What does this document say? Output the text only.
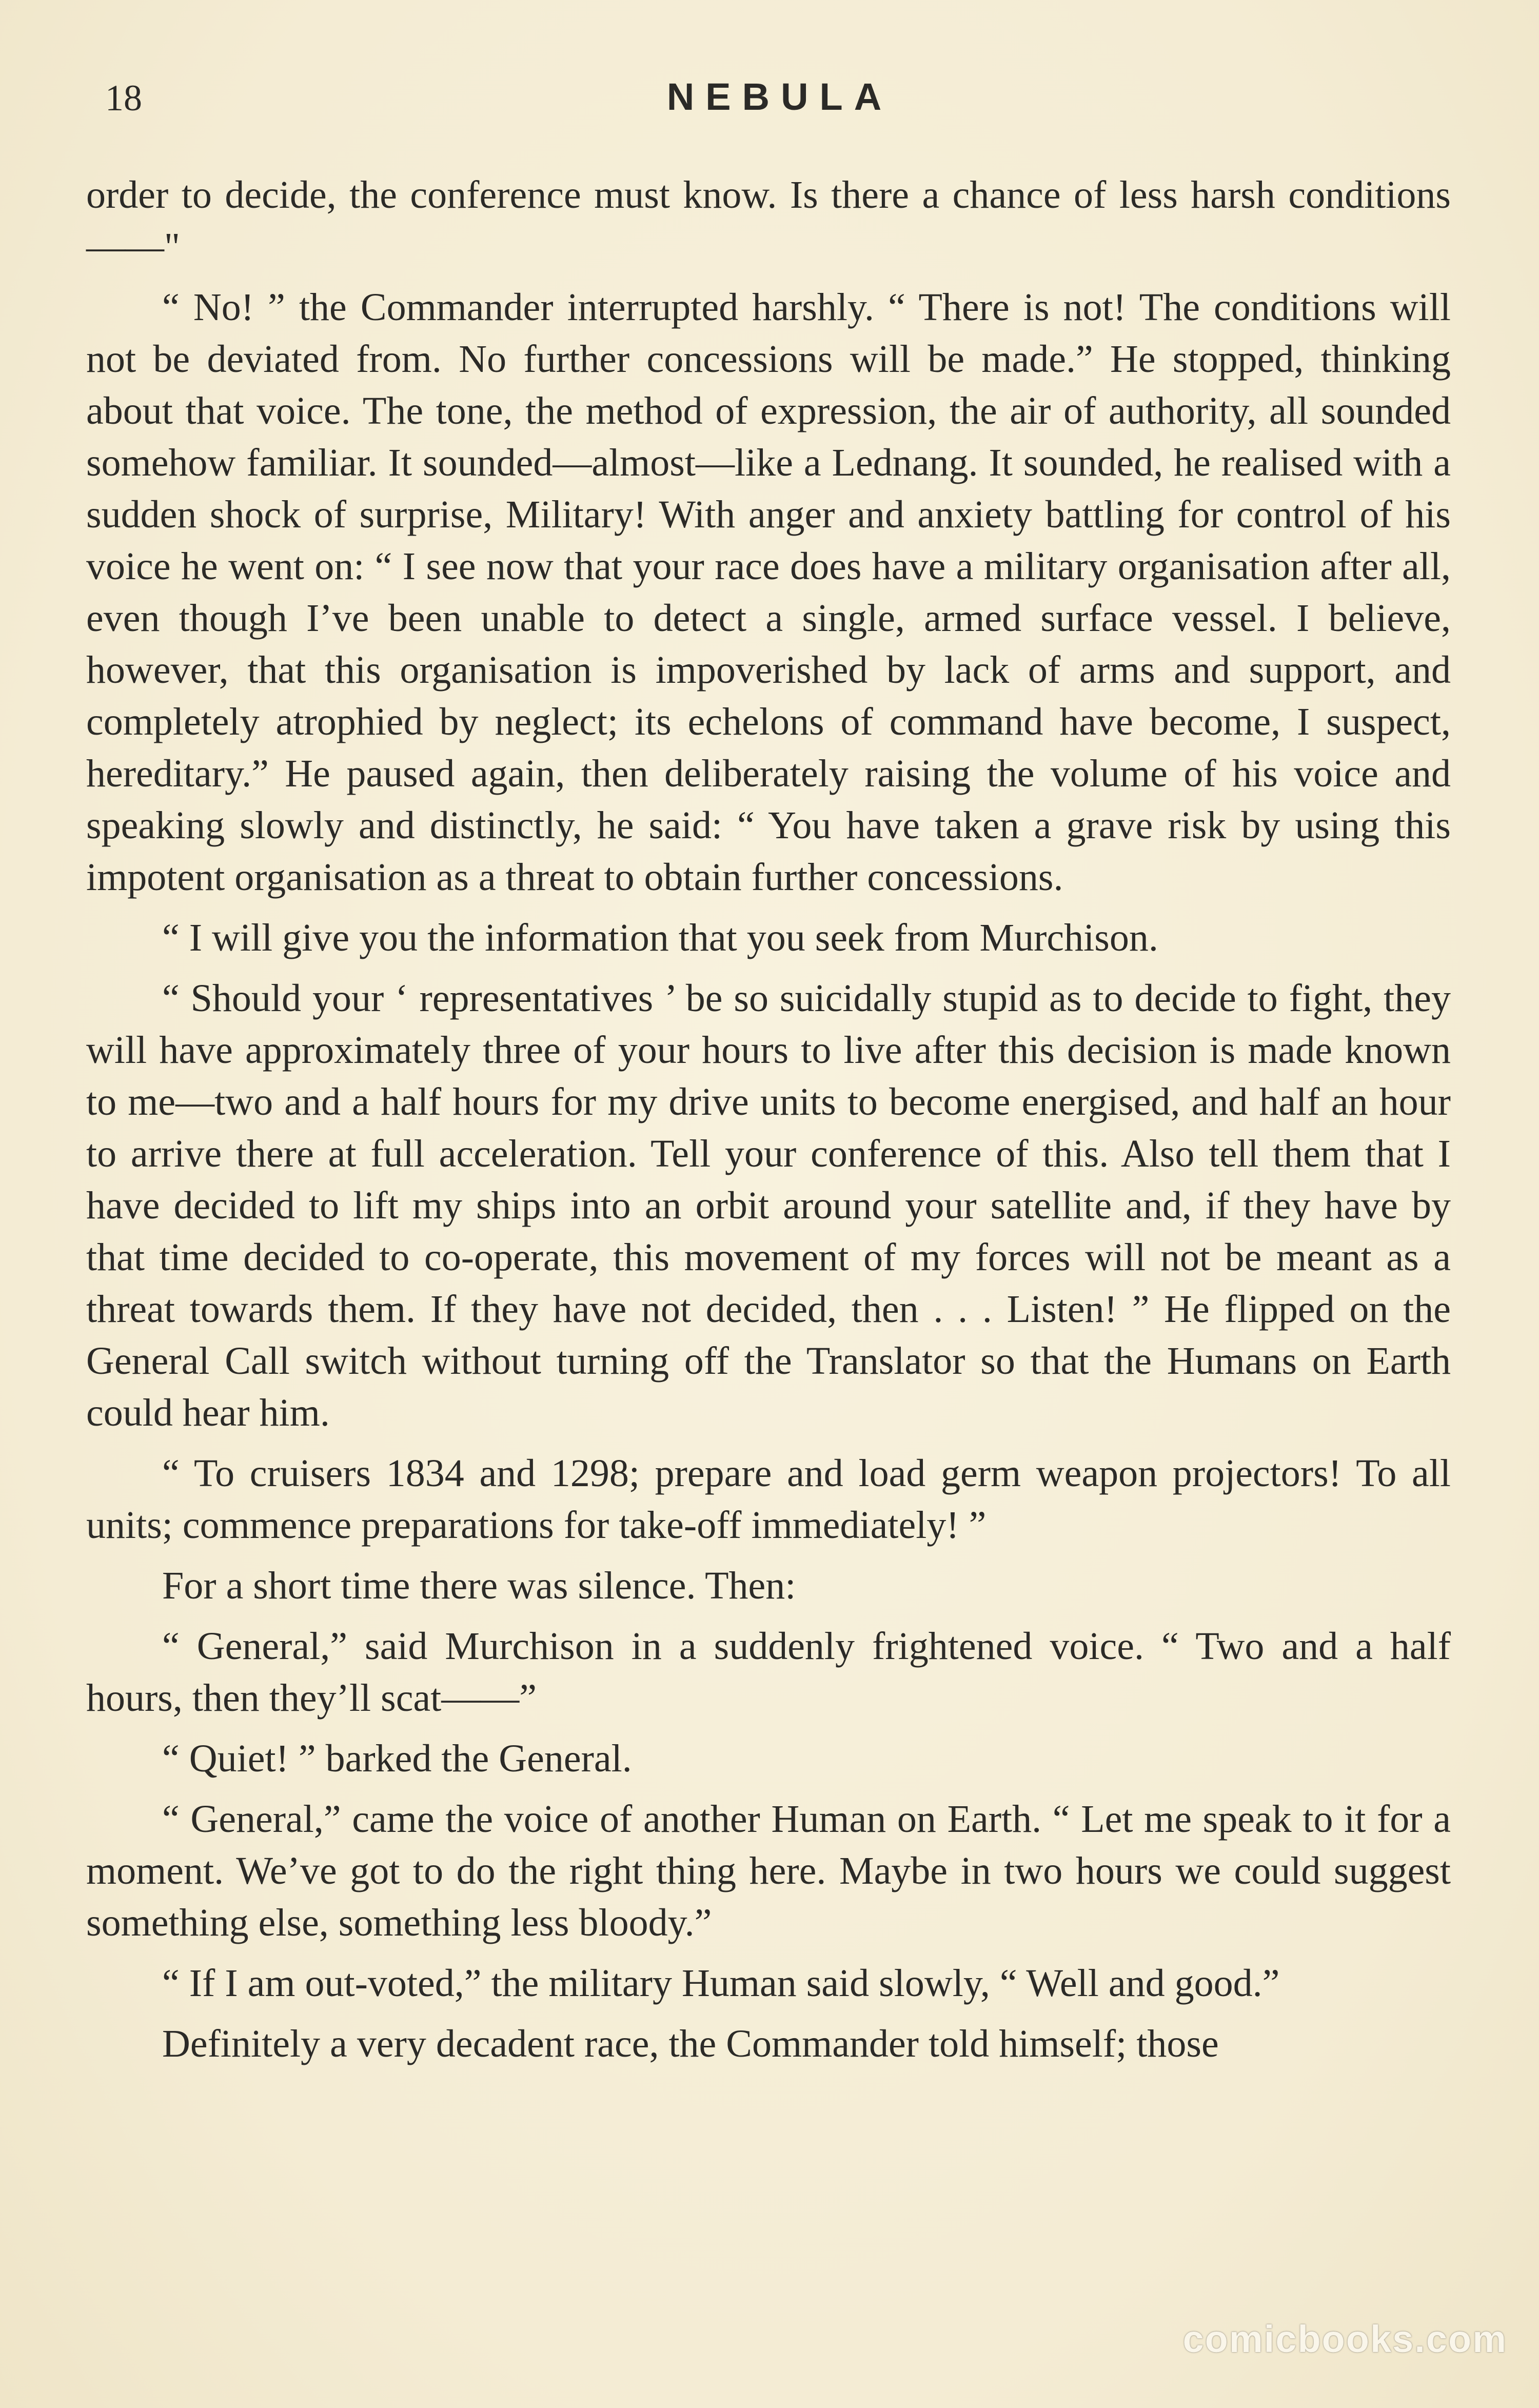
18	NEBULA

order to decide, the conference must know. Is there a chance of less harsh conditions——"

“ No! ” the Commander interrupted harshly. “ There is not! The conditions will not be deviated from. No further concessions will be made.” He stopped, thinking about that voice. The tone, the method of expression, the air of authority, all sounded somehow familiar. It sounded—almost—like a Lednang. It sounded, he realised with a sudden shock of surprise, Military! With anger and anxiety battling for control of his voice he went on: “ I see now that your race does have a military organisation after all, even though I’ve been unable to detect a single, armed surface vessel. I believe, however, that this organisation is impoverished by lack of arms and support, and completely atrophied by neglect; its echelons of command have become, I suspect, hereditary.” He paused again, then deliberately raising the volume of his voice and speaking slowly and distinctly, he said: “ You have taken a grave risk by using this impotent organisation as a threat to obtain further concessions.

“ I will give you the information that you seek from Murchison.

“ Should your ‘ representatives ’ be so suicidally stupid as to decide to fight, they will have approximately three of your hours to live after this decision is made known to me—two and a half hours for my drive units to become energised, and half an hour to arrive there at full acceleration. Tell your conference of this. Also tell them that I have decided to lift my ships into an orbit around your satellite and, if they have by that time decided to co-operate, this movement of my forces will not be meant as a threat towards them. If they have not decided, then . . . Listen! ” He flipped on the General Call switch without turning off the Translator so that the Humans on Earth could hear him.

“ To cruisers 1834 and 1298; prepare and load germ weapon projectors! To all units; commence preparations for take-off immediately! ”

For a short time there was silence. Then:

“ General,” said Murchison in a suddenly frightened voice. “ Two and a half hours, then they’ll scat——”

“ Quiet! ” barked the General.

“ General,” came the voice of another Human on Earth. “ Let me speak to it for a moment. We’ve got to do the right thing here. Maybe in two hours we could suggest something else, something less bloody.”

“ If I am out-voted,” the military Human said slowly, “ Well and good.”

Definitely a very decadent race, the Commander told himself; those

comicbooks.com
